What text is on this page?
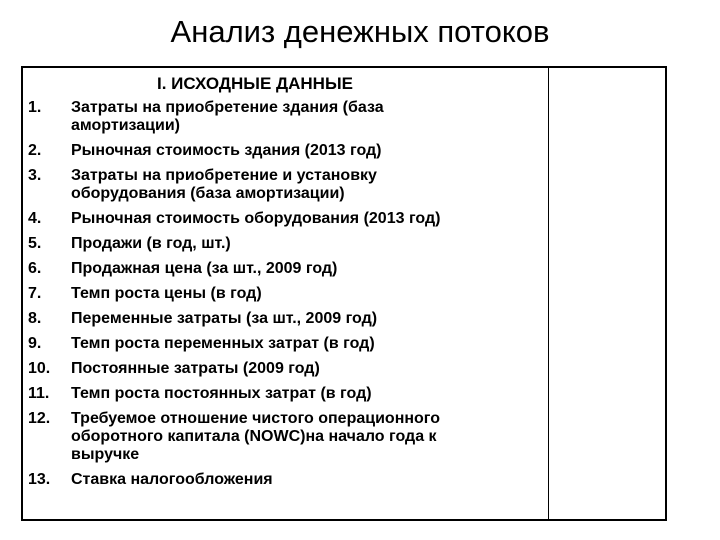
Анализ денежных потоков
I. ИСХОДНЫЕ ДАННЫЕ
1.	Затраты на приобретение здания (база
амортизации)
2.	Рыночная стоимость здания (2013 год)
3.	Затраты на приобретение и установку
оборудования (база амортизации)
4.	Рыночная стоимость оборудования (2013 год)
5.	Продажи (в год, шт.)
6.	Продажная цена (за шт., 2009 год)
7.	Темп роста цены (в год)
8.	Переменные затраты (за шт., 2009 год)
9.	Темп роста переменных затрат (в год)
10.	Постоянные затраты (2009 год)
11.	Темп роста постоянных затрат (в год)
12.	Требуемое отношение чистого операционного
оборотного капитала (NOWC)на начало года к
выручке
13.	Ставка налогообложения
